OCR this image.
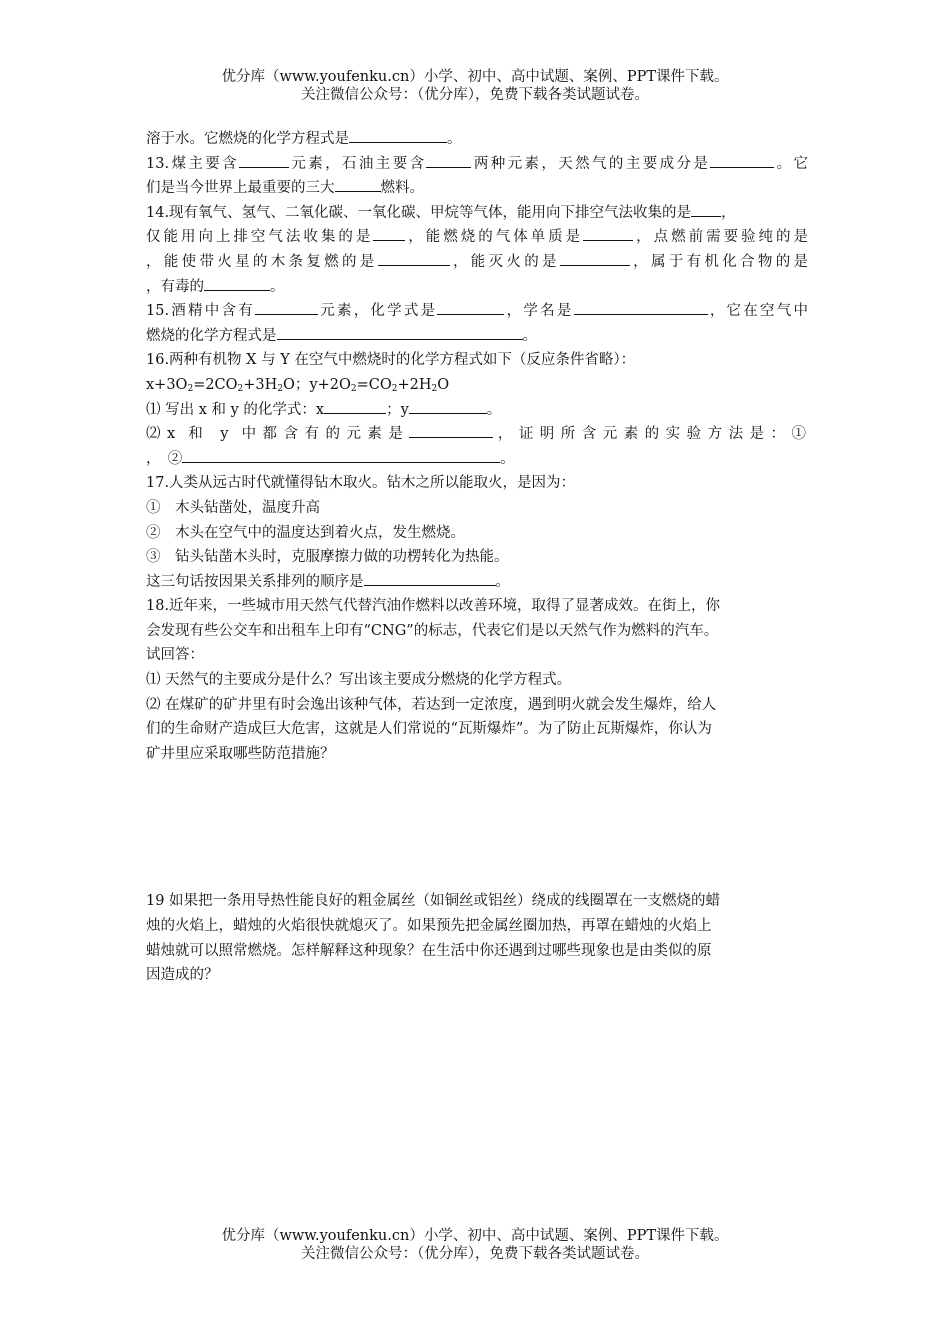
优分库（www.youfenku.cn）小学、初中、高中试题、案例、PPT课件下载。
关注微信公众号：（优分库），免费下载各类试题试卷。
溶于水。它燃烧的化学方程式是	。
13.煤主要含	元素，石油主要含	两种元素，天然气的主要成分是	。它
们是当今世界上最重要的三大	燃料。
14.现有氧气、氢气、二氧化碳、一氧化碳、甲烷等气体，能用向下排空气法收集的是 ，
仅能用向上排空气法收集的是 ，能燃烧的气体单质是	，点燃前需要验纯的是
，能使带火星的木条复燃的是	，能灭火的是	，属于有机化合物的是
，有毒的	。
15.酒精中含有	元素，化学式是	，学名是	，它在空气中
燃烧的化学方程式是	。
16.两种有机物 X 与 Y 在空气中燃烧时的化学方程式如下（反应条件省略）：
$x+3O_2=2CO_2+3H_2O$；$y+2O_2=CO_2+2H_2O$
⑴ 写出 x 和 y 的化学式：x	；y	。
⑵x 和 y 中都含有的元素是	，证明所含元素的实验方法是：①
，　②	。
17.人类从远古时代就懂得钻木取火。钻木之所以能取火，是因为：
①　木头钻凿处，温度升高
②　木头在空气中的温度达到着火点，发生燃烧。
③　钻头钻凿木头时，克服摩擦力做的功楞转化为热能。
这三句话按因果关系排列的顺序是	。
18.近年来，一些城市用天然气代替汽油作燃料以改善环境，取得了显著成效。在街上，你
会发现有些公交车和出租车上印有“CNG”的标志，代表它们是以天然气作为燃料的汽车。
试回答：
⑴ 天然气的主要成分是什么？写出该主要成分燃烧的化学方程式。
⑵ 在煤矿的矿井里有时会逸出该种气体，若达到一定浓度，遇到明火就会发生爆炸，给人
们的生命财产造成巨大危害，这就是人们常说的“瓦斯爆炸”。为了防止瓦斯爆炸，你认为
矿井里应采取哪些防范措施？
19 如果把一条用导热性能良好的粗金属丝（如铜丝或铝丝）绕成的线圈罩在一支燃烧的蜡
烛的火焰上，蜡烛的火焰很快就熄灭了。如果预先把金属丝圈加热，再罩在蜡烛的火焰上
蜡烛就可以照常燃烧。怎样解释这种现象？在生活中你还遇到过哪些现象也是由类似的原
因造成的？
优分库（www.youfenku.cn）小学、初中、高中试题、案例、PPT课件下载。
关注微信公众号：（优分库），免费下载各类试题试卷。
